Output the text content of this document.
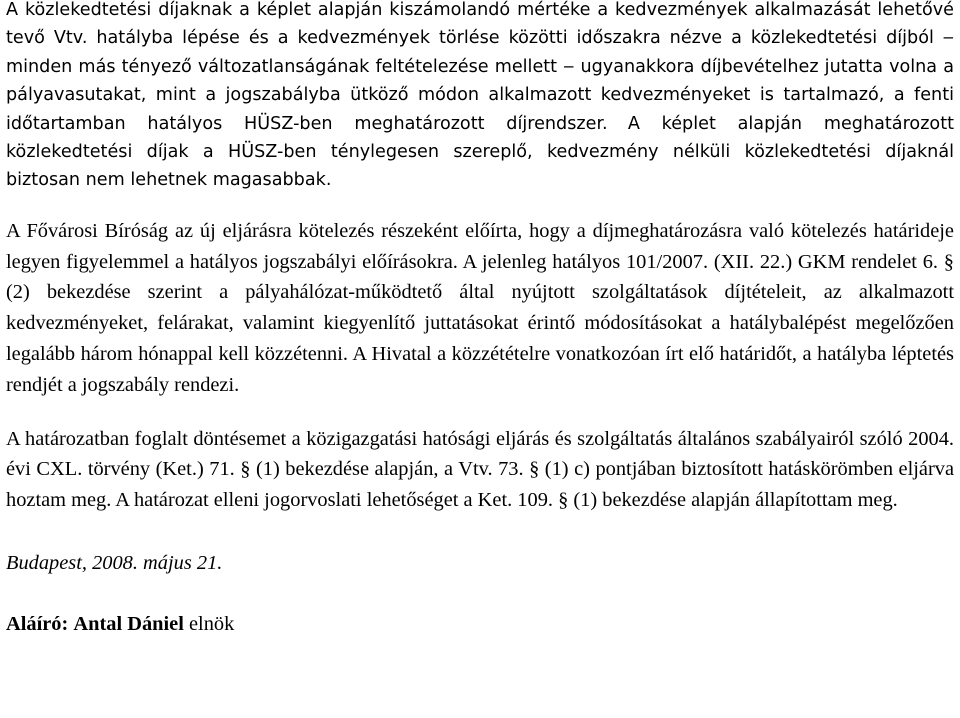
A közlekedtetési díjaknak a képlet alapján kiszámolandó mértéke a kedvezmények alkalmazását lehetővé tevő Vtv. hatályba lépése és a kedvezmények törlése közötti időszakra nézve a közlekedtetési díjból ‒ minden más tényező változatlanságának feltételezése mellett ‒ ugyanakkora díjbevételhez jutatta volna a pályavasutakat, mint a jogszabályba ütköző módon alkalmazott kedvezményeket is tartalmazó, a fenti időtartamban hatályos HÜSZ-ben meghatározott díjrendszer. A képlet alapján meghatározott közlekedtetési díjak a HÜSZ-ben ténylegesen szereplő, kedvezmény nélküli közlekedtetési díjaknál biztosan nem lehetnek magasabbak.

A Fővárosi Bíróság az új eljárásra kötelezés részeként előírta, hogy a díjmeghatározásra való kötelezés határideje legyen figyelemmel a hatályos jogszabályi előírásokra. A jelenleg hatályos 101/2007. (XII. 22.) GKM rendelet 6. § (2) bekezdése szerint a pályahálózat-működtető által nyújtott szolgáltatások díjtételeit, az alkalmazott kedvezményeket, felárakat, valamint kiegyenlítő juttatásokat érintő módosításokat a hatálybalépést megelőzően legalább három hónappal kell közzétenni. A Hivatal a közzétételre vonatkozóan írt elő határidőt, a hatályba léptetés rendjét a jogszabály rendezi.

A határozatban foglalt döntésemet a közigazgatási hatósági eljárás és szolgáltatás általános szabályairól szóló 2004. évi CXL. törvény (Ket.) 71. § (1) bekezdése alapján, a Vtv. 73. § (1) c) pontjában biztosított hatáskörömben eljárva hoztam meg. A határozat elleni jogorvoslati lehetőséget a Ket. 109. § (1) bekezdése alapján állapítottam meg.

Budapest, 2008. május 21.

Aláíró: Antal Dániel elnök
